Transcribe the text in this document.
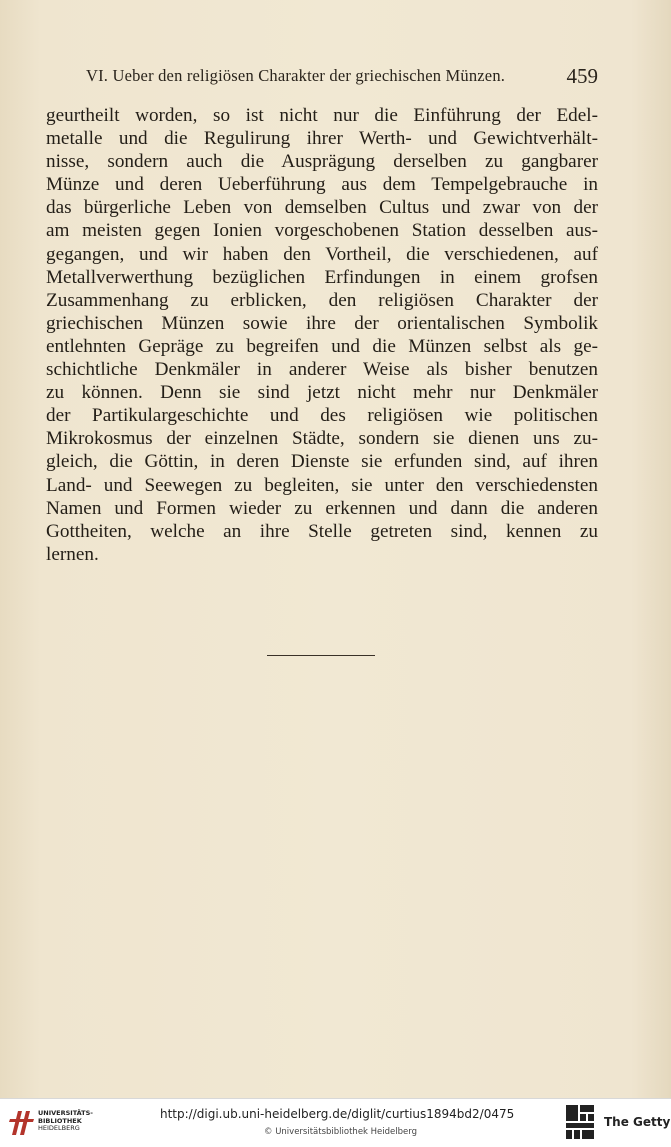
VI. Ueber den religiösen Charakter der griechischen Münzen.	459
geurtheilt worden, so ist nicht nur die Einführung der Edel-
metalle und die Regulirung ihrer Werth- und Gewichtverhält-
nisse, sondern auch die Ausprägung derselben zu gangbarer
Münze und deren Ueberführung aus dem Tempelgebrauche in
das bürgerliche Leben von demselben Cultus und zwar von der
am meisten gegen Ionien vorgeschobenen Station desselben aus-
gegangen, und wir haben den Vortheil, die verschiedenen, auf
Metallverwerthung bezüglichen Erfindungen in einem grofsen
Zusammenhang zu erblicken, den religiösen Charakter der
griechischen Münzen sowie ihre der orientalischen Symbolik
entlehnten Gepräge zu begreifen und die Münzen selbst als ge-
schichtliche Denkmäler in anderer Weise als bisher benutzen
zu können. Denn sie sind jetzt nicht mehr nur Denkmäler
der Partikulargeschichte und des religiösen wie politischen
Mikrokosmus der einzelnen Städte, sondern sie dienen uns zu-
gleich, die Göttin, in deren Dienste sie erfunden sind, auf ihren
Land- und Seewegen zu begleiten, sie unter den verschiedensten
Namen und Formen wieder zu erkennen und dann die anderen
Gottheiten, welche an ihre Stelle getreten sind, kennen zu
lernen.
UNIVERSITÄTS-
BIBLIOTHEK
HEIDELBERG
http://digi.ub.uni-heidelberg.de/diglit/curtius1894bd2/0475
© Universitätsbibliothek Heidelberg
The Getty
